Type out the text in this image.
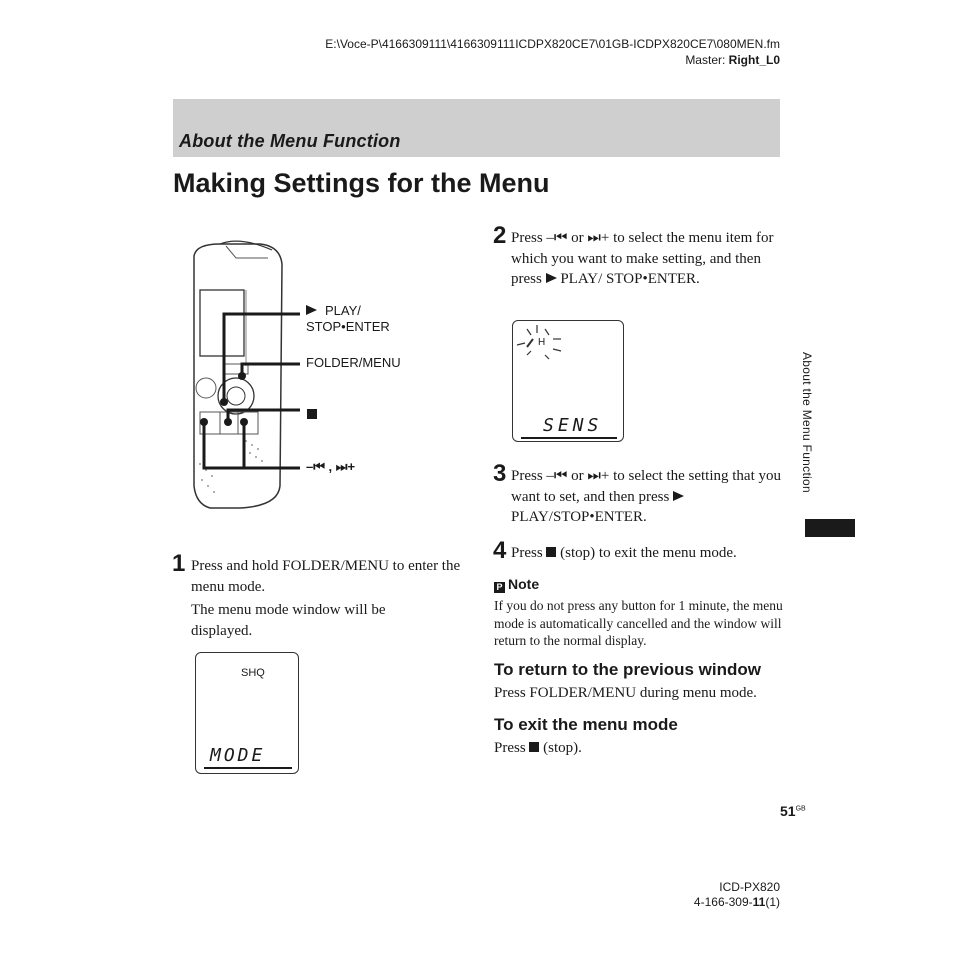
E:\Voce-P\4166309111\4166309111ICDPX820CE7\01GB-ICDPX820CE7\080MEN.fm
Master: Right_L0
About the Menu Function
Making Settings for the Menu
About the Menu Function
PLAY/
STOP•ENTER
FOLDER/MENU
–⏮ , ⏭+
1 Press and hold FOLDER/MENU to enter the menu mode.
The menu mode window will be displayed.
SHQ
MODE
2 Press –⏮ or ⏭+ to select the menu item for which you want to make setting, and then press  PLAY/ STOP•ENTER.
H
SENS
3 Press –⏮ or ⏭+ to select the setting that you want to set, and then press  PLAY/STOP•ENTER.
4 Press  (stop) to exit the menu mode.
P Note
If you do not press any button for 1 minute, the menu mode is automatically cancelled and the window will return to the normal display.
To return to the previous window
Press FOLDER/MENU during menu mode.
To exit the menu mode
Press  (stop).
$51^{GB}$
ICD-PX820
4-166-309-11(1)
